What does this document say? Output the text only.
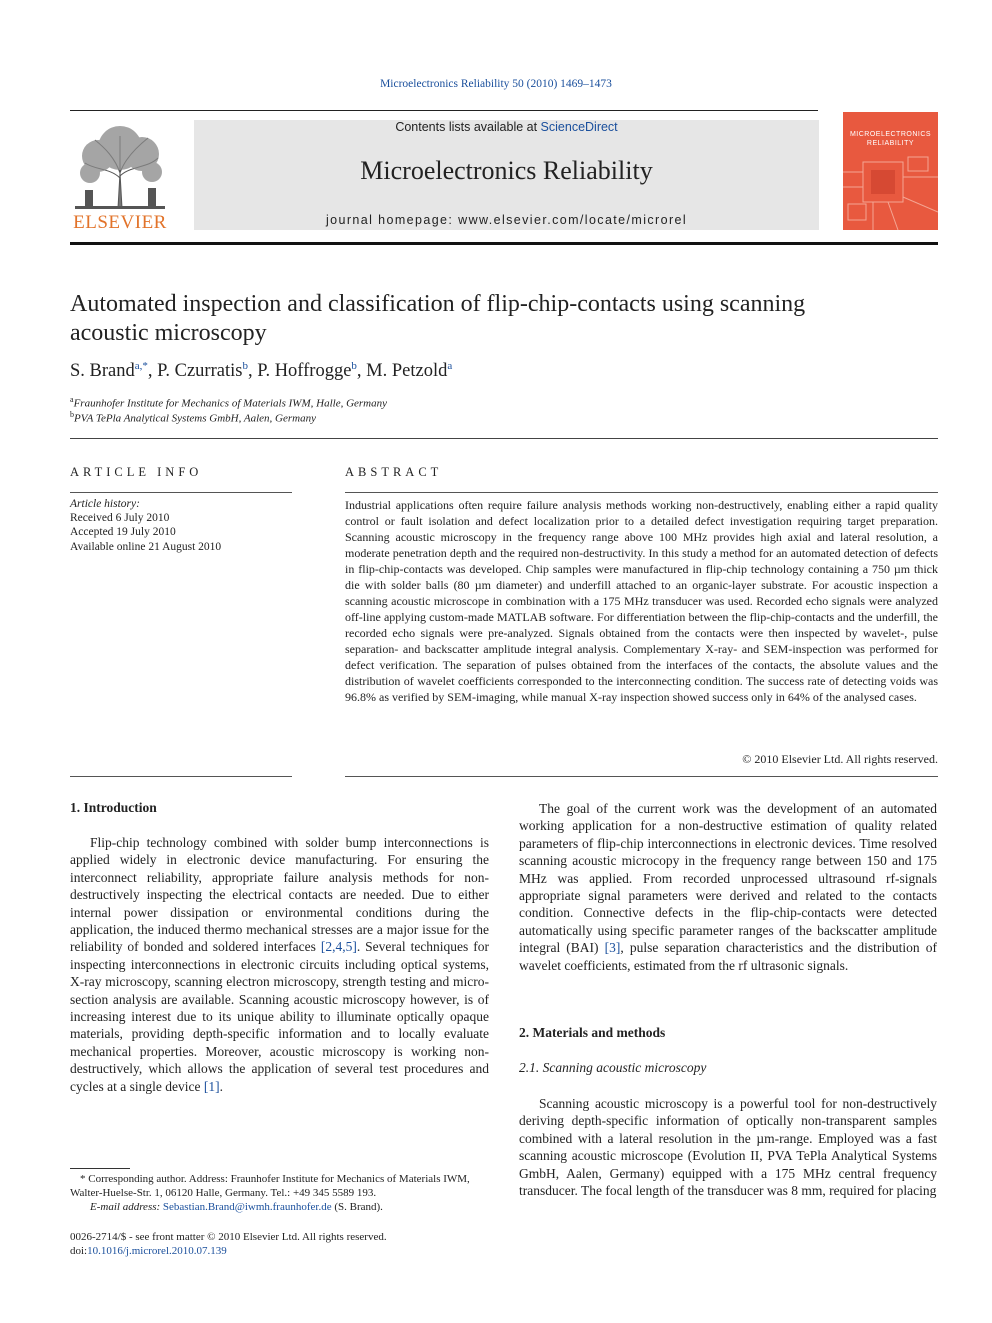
Microelectronics Reliability 50 (2010) 1469–1473
ELSEVIER
Contents lists available at ScienceDirect
Microelectronics Reliability
journal homepage: www.elsevier.com/locate/microrel
MICROELECTRONICS
RELIABILITY
Automated inspection and classification of flip-chip-contacts using scanning
acoustic microscopy
S. Brand$^{a,*}$, P. Czurratis$^b$, P. Hoffrogge$^b$, M. Petzold$^a$
$^a$Fraunhofer Institute for Mechanics of Materials IWM, Halle, Germany
$^b$PVA TePla Analytical Systems GmbH, Aalen, Germany
ARTICLE INFO
Article history:
Received 6 July 2010
Accepted 19 July 2010
Available online 21 August 2010
ABSTRACT
Industrial applications often require failure analysis methods working non-destructively, enabling either a rapid quality control or fault isolation and defect localization prior to a detailed defect investigation requiring target preparation. Scanning acoustic microscopy in the frequency range above 100 MHz provides high axial and lateral resolution, a moderate penetration depth and the required non-destructivity. In this study a method for an automated detection of defects in flip-chip-contacts was developed. Chip samples were manufactured in flip-chip technology containing a 750 µm thick die with solder balls (80 µm diameter) and underfill attached to an organic-layer substrate. For acoustic inspection a scanning acoustic microscope in combination with a 175 MHz transducer was used. Recorded echo signals were analyzed off-line applying custom-made MATLAB software. For differentiation between the flip-chip-contacts and the underfill, the recorded echo signals were pre-analyzed. Signals obtained from the contacts were then inspected by wavelet-, pulse separation- and backscatter amplitude integral analysis. Complementary X-ray- and SEM-inspection was performed for defect verification. The separation of pulses obtained from the interfaces of the contacts, the absolute values and the distribution of wavelet coefficients corresponded to the interconnecting condition. The success rate of detecting voids was 96.8% as verified by SEM-imaging, while manual X-ray inspection showed success only in 64% of the analysed cases.
© 2010 Elsevier Ltd. All rights reserved.
1. Introduction
Flip-chip technology combined with solder bump interconnections is applied widely in electronic device manufacturing. For ensuring the interconnect reliability, appropriate failure analysis methods for non-destructively inspecting the electrical contacts are needed. Due to either internal power dissipation or environmental conditions during the application, the induced thermo mechanical stresses are a major issue for the reliability of bonded and soldered interfaces [2,4,5]. Several techniques for inspecting interconnections in electronic circuits including optical systems, X-ray microscopy, scanning electron microscopy, strength testing and micro-section analysis are available. Scanning acoustic microscopy however, is of increasing interest due to its unique ability to illuminate optically opaque materials, providing depth-specific information and to locally evaluate mechanical properties. Moreover, acoustic microscopy is working non-destructively, which allows the application of several test procedures and cycles at a single device [1].
* Corresponding author. Address: Fraunhofer Institute for Mechanics of Materials IWM, Walter-Huelse-Str. 1, 06120 Halle, Germany. Tel.: +49 345 5589 193.
E-mail address: Sebastian.Brand@iwmh.fraunhofer.de (S. Brand).
0026-2714/$ - see front matter © 2010 Elsevier Ltd. All rights reserved.
doi:10.1016/j.microrel.2010.07.139
The goal of the current work was the development of an automated working application for a non-destructive estimation of quality related parameters of flip-chip interconnections in electronic devices. Time resolved scanning acoustic microcopy in the frequency range between 150 and 175 MHz was applied. From recorded unprocessed ultrasound rf-signals appropriate signal parameters were derived and related to the contacts condition. Connective defects in the flip-chip-contacts were detected automatically using specific parameter ranges of the backscatter amplitude integral (BAI) [3], pulse separation characteristics and the distribution of wavelet coefficients, estimated from the rf ultrasonic signals.
2. Materials and methods
2.1. Scanning acoustic microscopy
Scanning acoustic microscopy is a powerful tool for non-destructively deriving depth-specific information of optically non-transparent samples combined with a lateral resolution in the µm-range. Employed was a fast scanning acoustic microscope (Evolution II, PVA TePla Analytical Systems GmbH, Aalen, Germany) equipped with a 175 MHz central frequency transducer. The focal length of the transducer was 8 mm, required for placing
